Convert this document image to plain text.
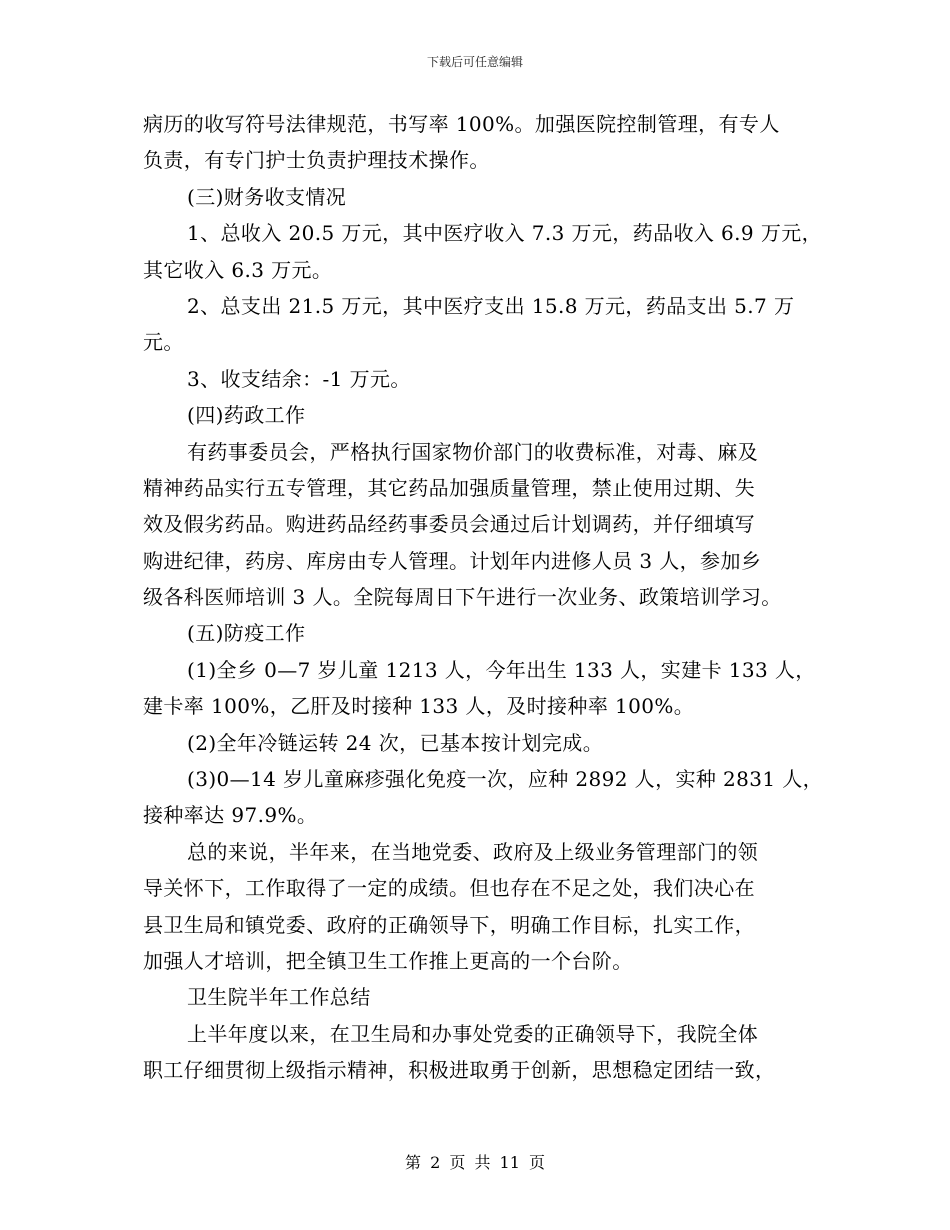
下载后可任意编辑
病历的收写符号法律规范，书写率 100%。加强医院控制管理，有专人
负责，有专门护士负责护理技术操作。
(三)财务收支情况
1、总收入 20.5 万元，其中医疗收入 7.3 万元，药品收入 6.9 万元，
其它收入 6.3 万元。
2、总支出 21.5 万元，其中医疗支出 15.8 万元，药品支出 5.7 万
元。
3、收支结余：-1 万元。
(四)药政工作
有药事委员会，严格执行国家物价部门的收费标准，对毒、麻及
精神药品实行五专管理，其它药品加强质量管理，禁止使用过期、失
效及假劣药品。购进药品经药事委员会通过后计划调药，并仔细填写
购进纪律，药房、库房由专人管理。计划年内进修人员 3 人，参加乡
级各科医师培训 3 人。全院每周日下午进行一次业务、政策培训学习。
(五)防疫工作
(1)全乡 0—7 岁儿童 1213 人，今年出生 133 人，实建卡 133 人，
建卡率 100%，乙肝及时接种 133 人，及时接种率 100%。
(2)全年冷链运转 24 次，已基本按计划完成。
(3)0—14 岁儿童麻疹强化免疫一次，应种 2892 人，实种 2831 人，
接种率达 97.9%。
总的来说，半年来，在当地党委、政府及上级业务管理部门的领
导关怀下，工作取得了一定的成绩。但也存在不足之处，我们决心在
县卫生局和镇党委、政府的正确领导下，明确工作目标，扎实工作，
加强人才培训，把全镇卫生工作推上更高的一个台阶。
卫生院半年工作总结
上半年度以来，在卫生局和办事处党委的正确领导下，我院全体
职工仔细贯彻上级指示精神，积极进取勇于创新，思想稳定团结一致，
第 2 页 共 11 页
